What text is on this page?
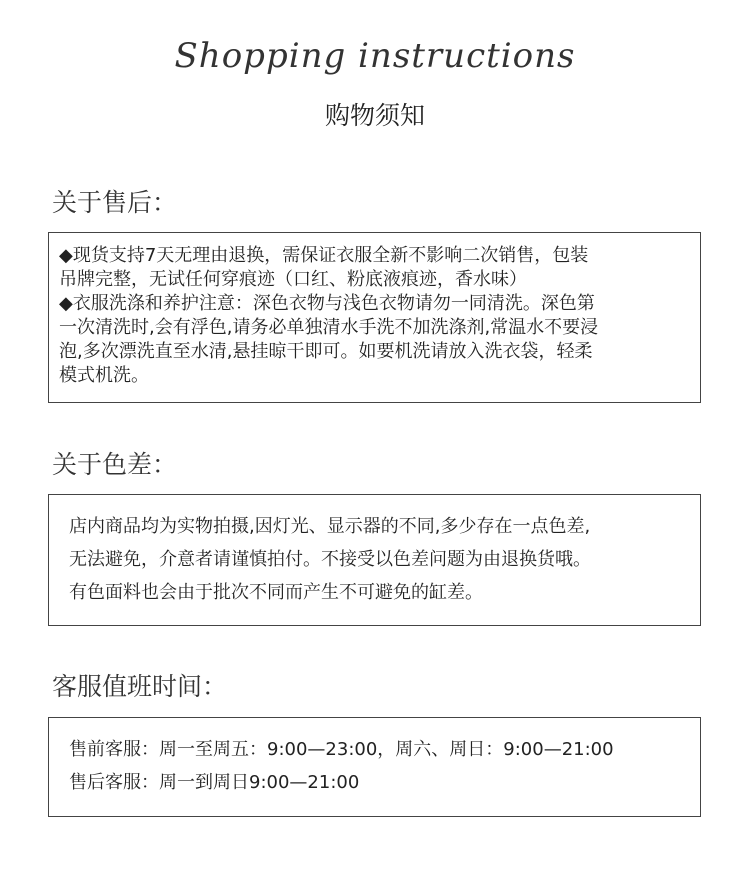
Shopping instructions
购物须知
关于售后：

◆现货支持7天无理由退换，需保证衣服全新不影响二次销售，包装

吊牌完整，无试任何穿痕迹（口红、粉底液痕迹，香水味）

◆衣服洗涤和养护注意：深色衣物与浅色衣物请勿一同清洗。深色第

一次清洗时,会有浮色,请务必单独清水手洗不加洗涤剂,常温水不要浸

泡,多次漂洗直至水清,悬挂晾干即可。如要机洗请放入洗衣袋，轻柔

模式机洗。

关于色差：

店内商品均为实物拍摄,因灯光、显示器的不同,多少存在一点色差,

无法避免，介意者请谨慎拍付。不接受以色差问题为由退换货哦。

有色面料也会由于批次不同而产生不可避免的缸差。

客服值班时间：

售前客服：周一至周五：9:00—23:00，周六、周日：9:00—21:00

售后客服：周一到周日9:00—21:00
